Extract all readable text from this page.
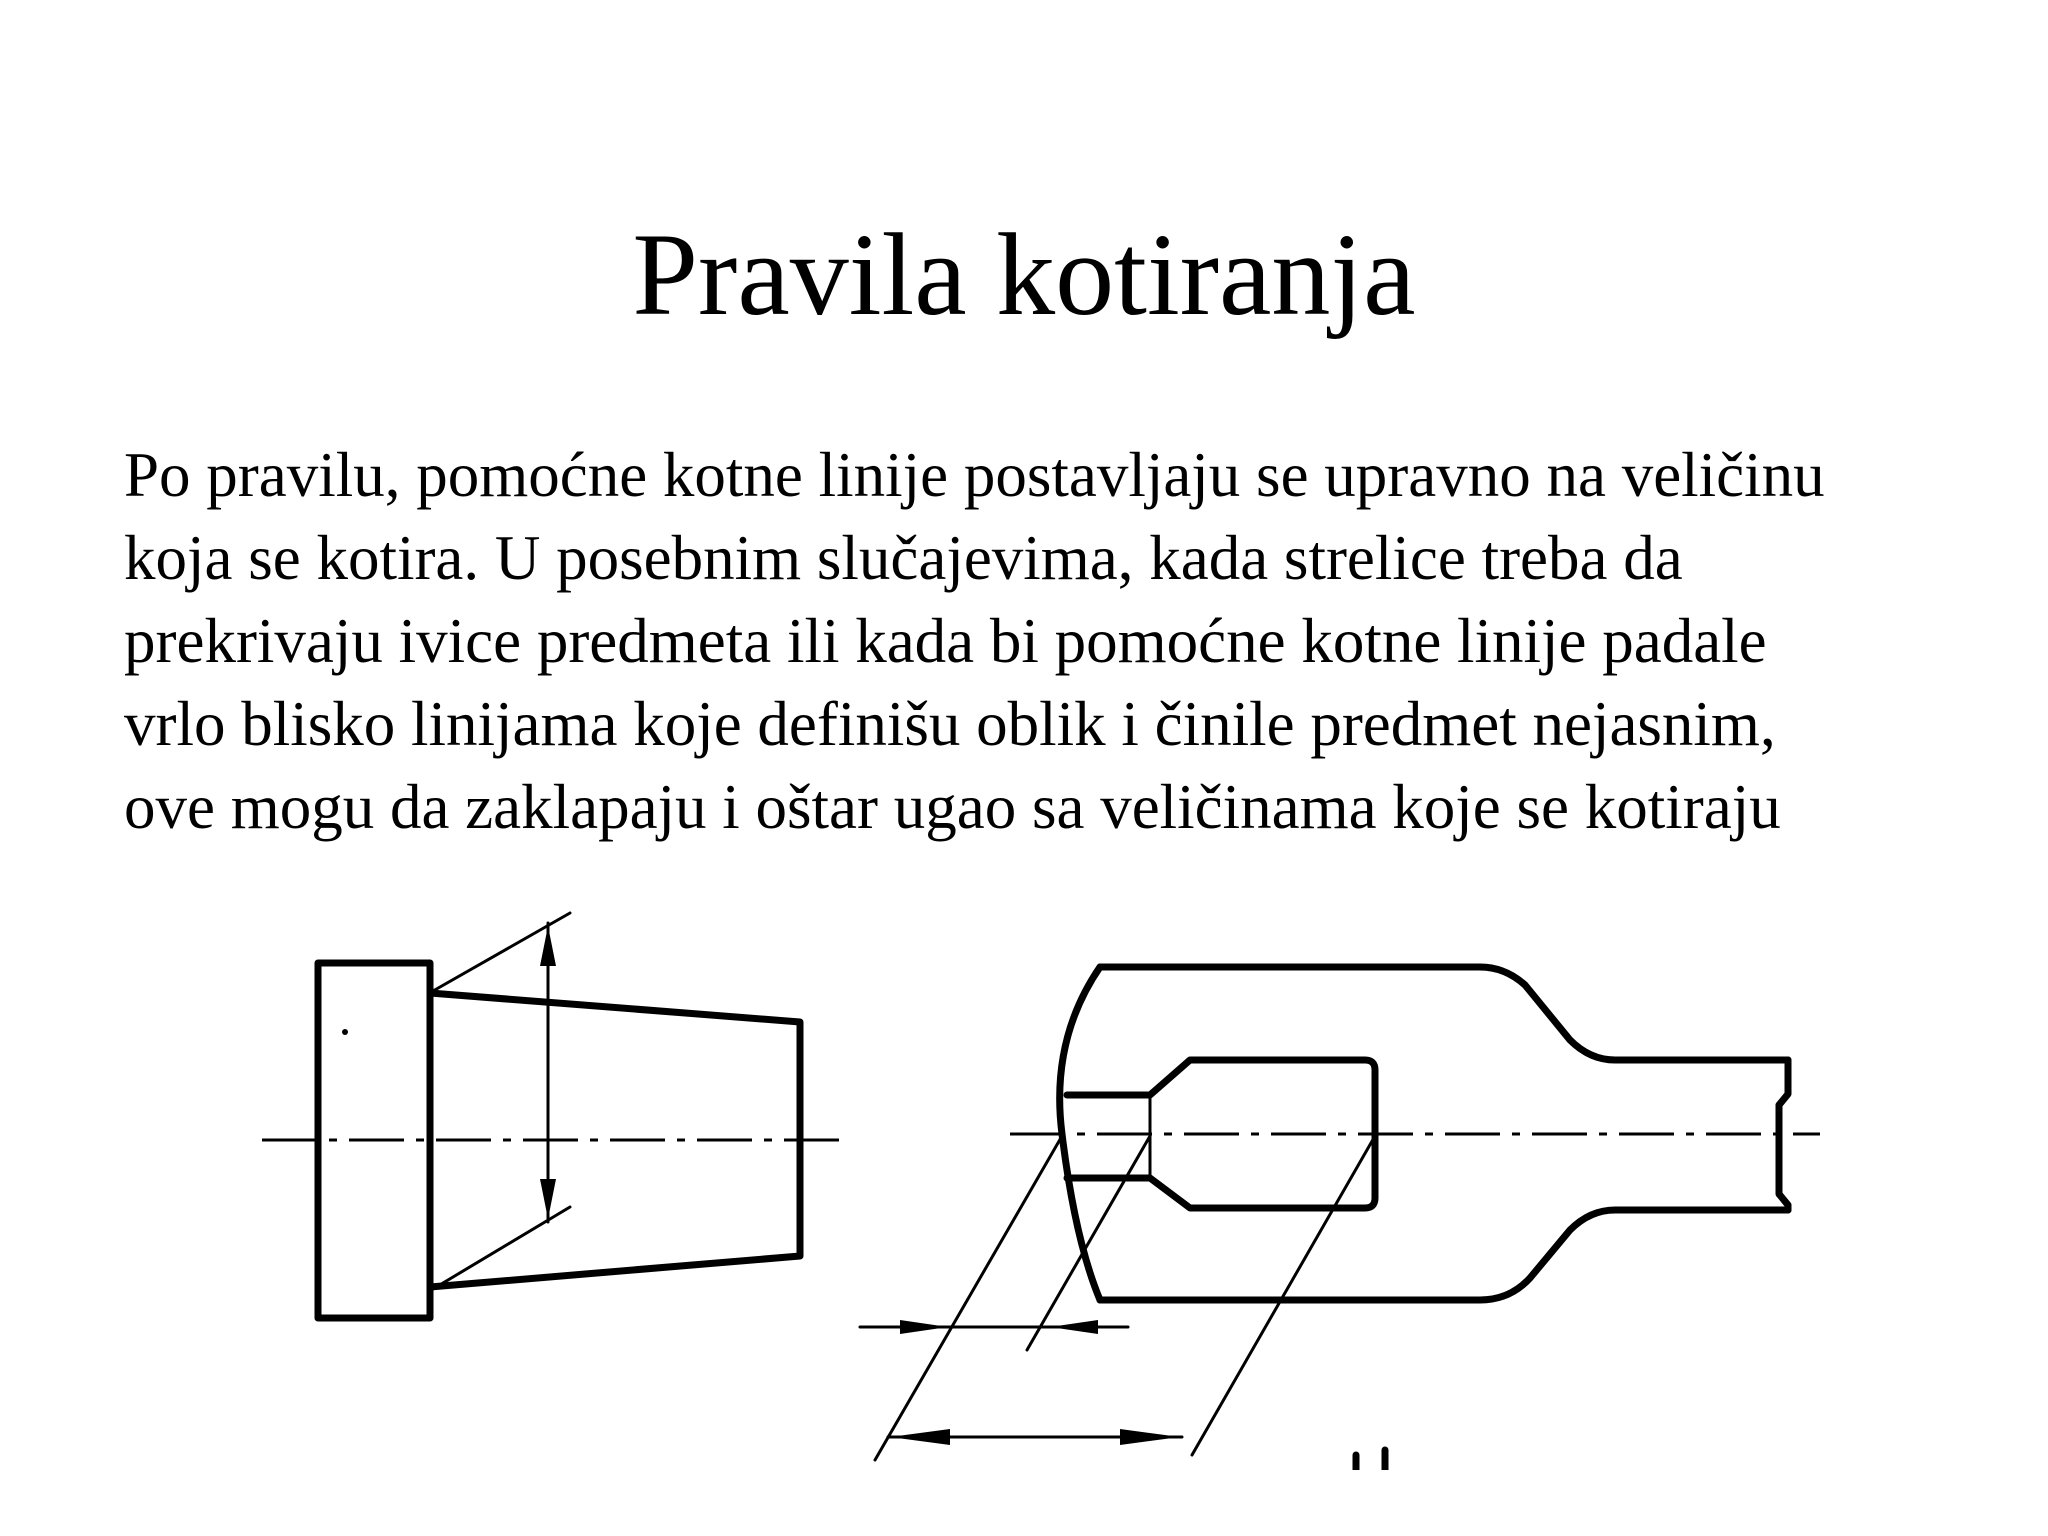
Pravila kotiranja
Po pravilu, pomoćne kotne linije postavljaju se upravno na veličinu
koja se kotira. U posebnim slučajevima, kada strelice treba da
prekrivaju ivice predmeta ili kada bi pomoćne kotne linije padale
vrlo blisko linijama koje definišu oblik i činile predmet nejasnim,
ove mogu da zaklapaju i oštar ugao sa veličinama koje se kotiraju
